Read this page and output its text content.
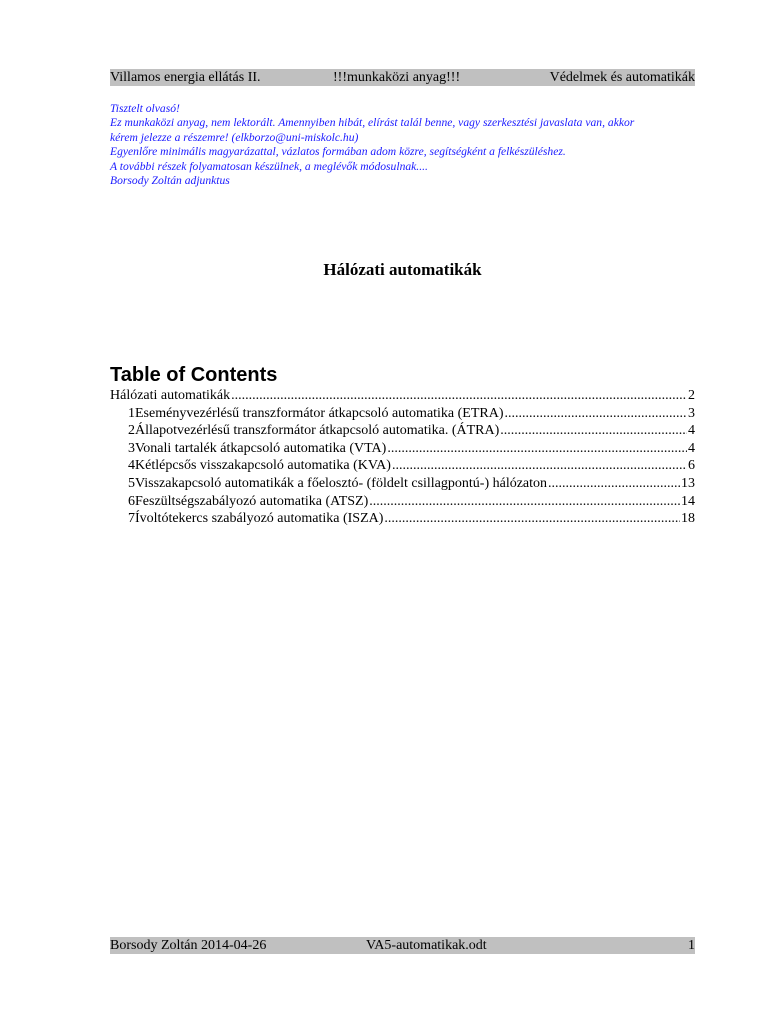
Villamos energia ellátás II.	!!!munkaközi anyag!!!	Védelmek és automatikák
Tisztelt olvasó!
Ez munkaközi anyag, nem lektorált. Amennyiben hibát, elírást talál benne, vagy szerkesztési javaslata van, akkor
kérem jelezze a részemre! (elkborzo@uni-miskolc.hu)
Egyenlőre minimális magyarázattal, vázlatos formában adom közre, segítségként a felkészüléshez.
A további részek folyamatosan készülnek, a meglévők módosulnak....
Borsody Zoltán adjunktus
Hálózati automatikák
Table of Contents
Hálózati automatikák .....	2
1Eseményvezérlésű transzformátor átkapcsoló automatika (ETRA) .....	3
2Állapotvezérlésű transzformátor átkapcsoló automatika. (ÁTRA) .....	4
3Vonali tartalék átkapcsoló automatika (VTA) .....	4
4Kétlépcsős visszakapcsoló automatika (KVA) .....	6
5Visszakapcsoló automatikák a főelosztó- (földelt csillagpontú-) hálózaton .....	13
6Feszültségszabályozó automatika (ATSZ) .....	14
7Ívoltótekercs szabályozó automatika (ISZA) .....	18
Borsody Zoltán 2014-04-26	VA5-automatikak.odt	1
